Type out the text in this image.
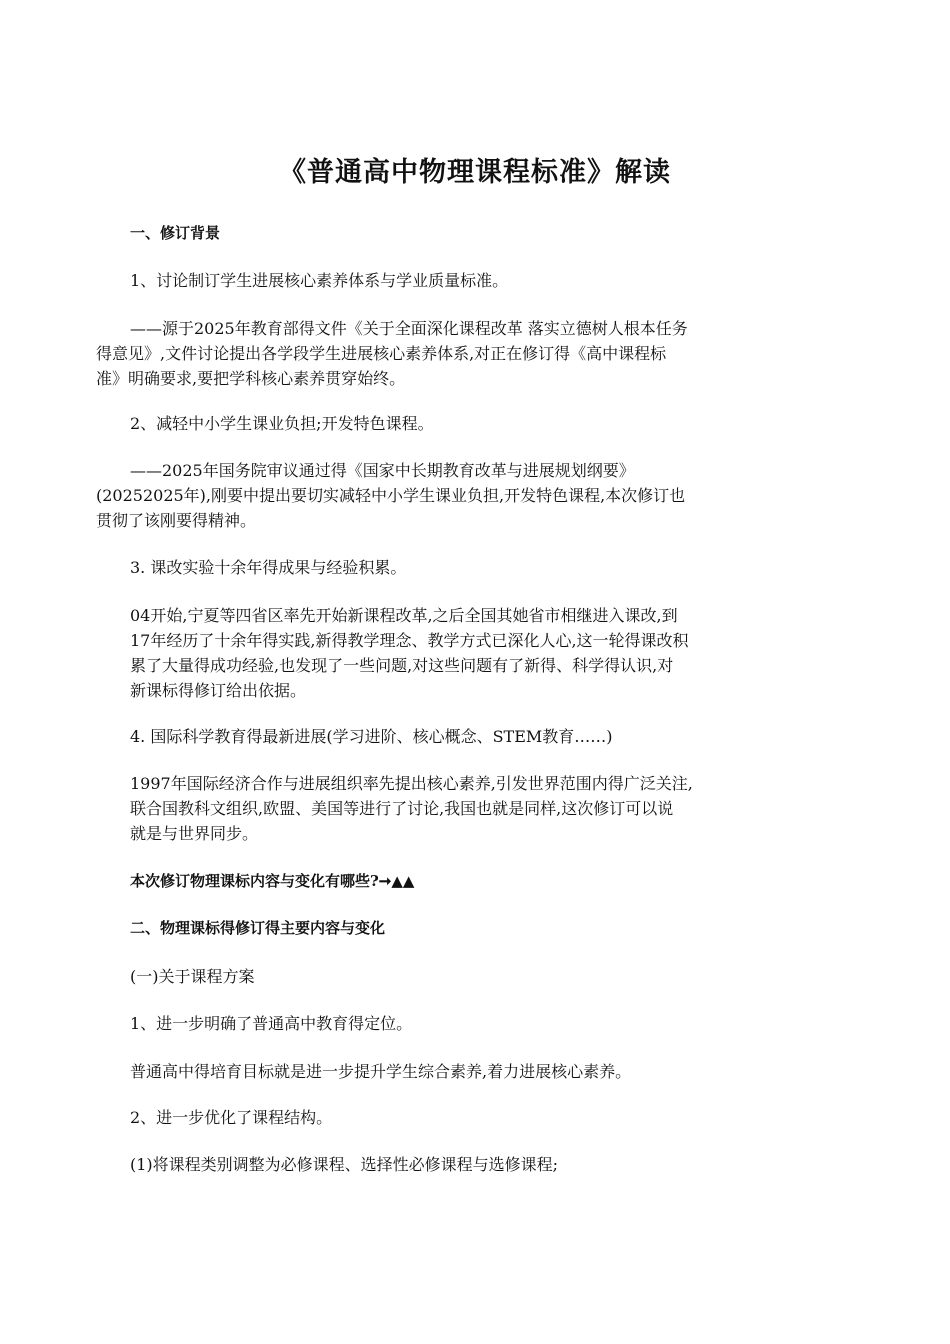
《普通高中物理课程标准》解读
一、修订背景
1、讨论制订学生进展核心素养体系与学业质量标准。
——源于2025年教育部得文件《关于全面深化课程改革 落实立德树人根本任务
得意见》,文件讨论提出各学段学生进展核心素养体系,对正在修订得《高中课程标
准》明确要求,要把学科核心素养贯穿始终。
2、减轻中小学生课业负担;开发特色课程。
——2025年国务院审议通过得《国家中长期教育改革与进展规划纲要》
(20252025年),刚要中提出要切实减轻中小学生课业负担,开发特色课程,本次修订也
贯彻了该刚要得精神。
3. 课改实验十余年得成果与经验积累。
04开始,宁夏等四省区率先开始新课程改革,之后全国其她省市相继进入课改,到
17年经历了十余年得实践,新得教学理念、教学方式已深化人心,这一轮得课改积
累了大量得成功经验,也发现了一些问题,对这些问题有了新得、科学得认识,对
新课标得修订给出依据。
4. 国际科学教育得最新进展(学习进阶、核心概念、STEM教育……)
1997年国际经济合作与进展组织率先提出核心素养,引发世界范围内得广泛关注,
联合国教科文组织,欧盟、美国等进行了讨论,我国也就是同样,这次修订可以说
就是与世界同步。
本次修订物理课标内容与变化有哪些?➞▲▲
二、物理课标得修订得主要内容与变化
(一)关于课程方案
1、进一步明确了普通高中教育得定位。
普通高中得培育目标就是进一步提升学生综合素养,着力进展核心素养。
2、进一步优化了课程结构。
(1)将课程类别调整为必修课程、选择性必修课程与选修课程;
